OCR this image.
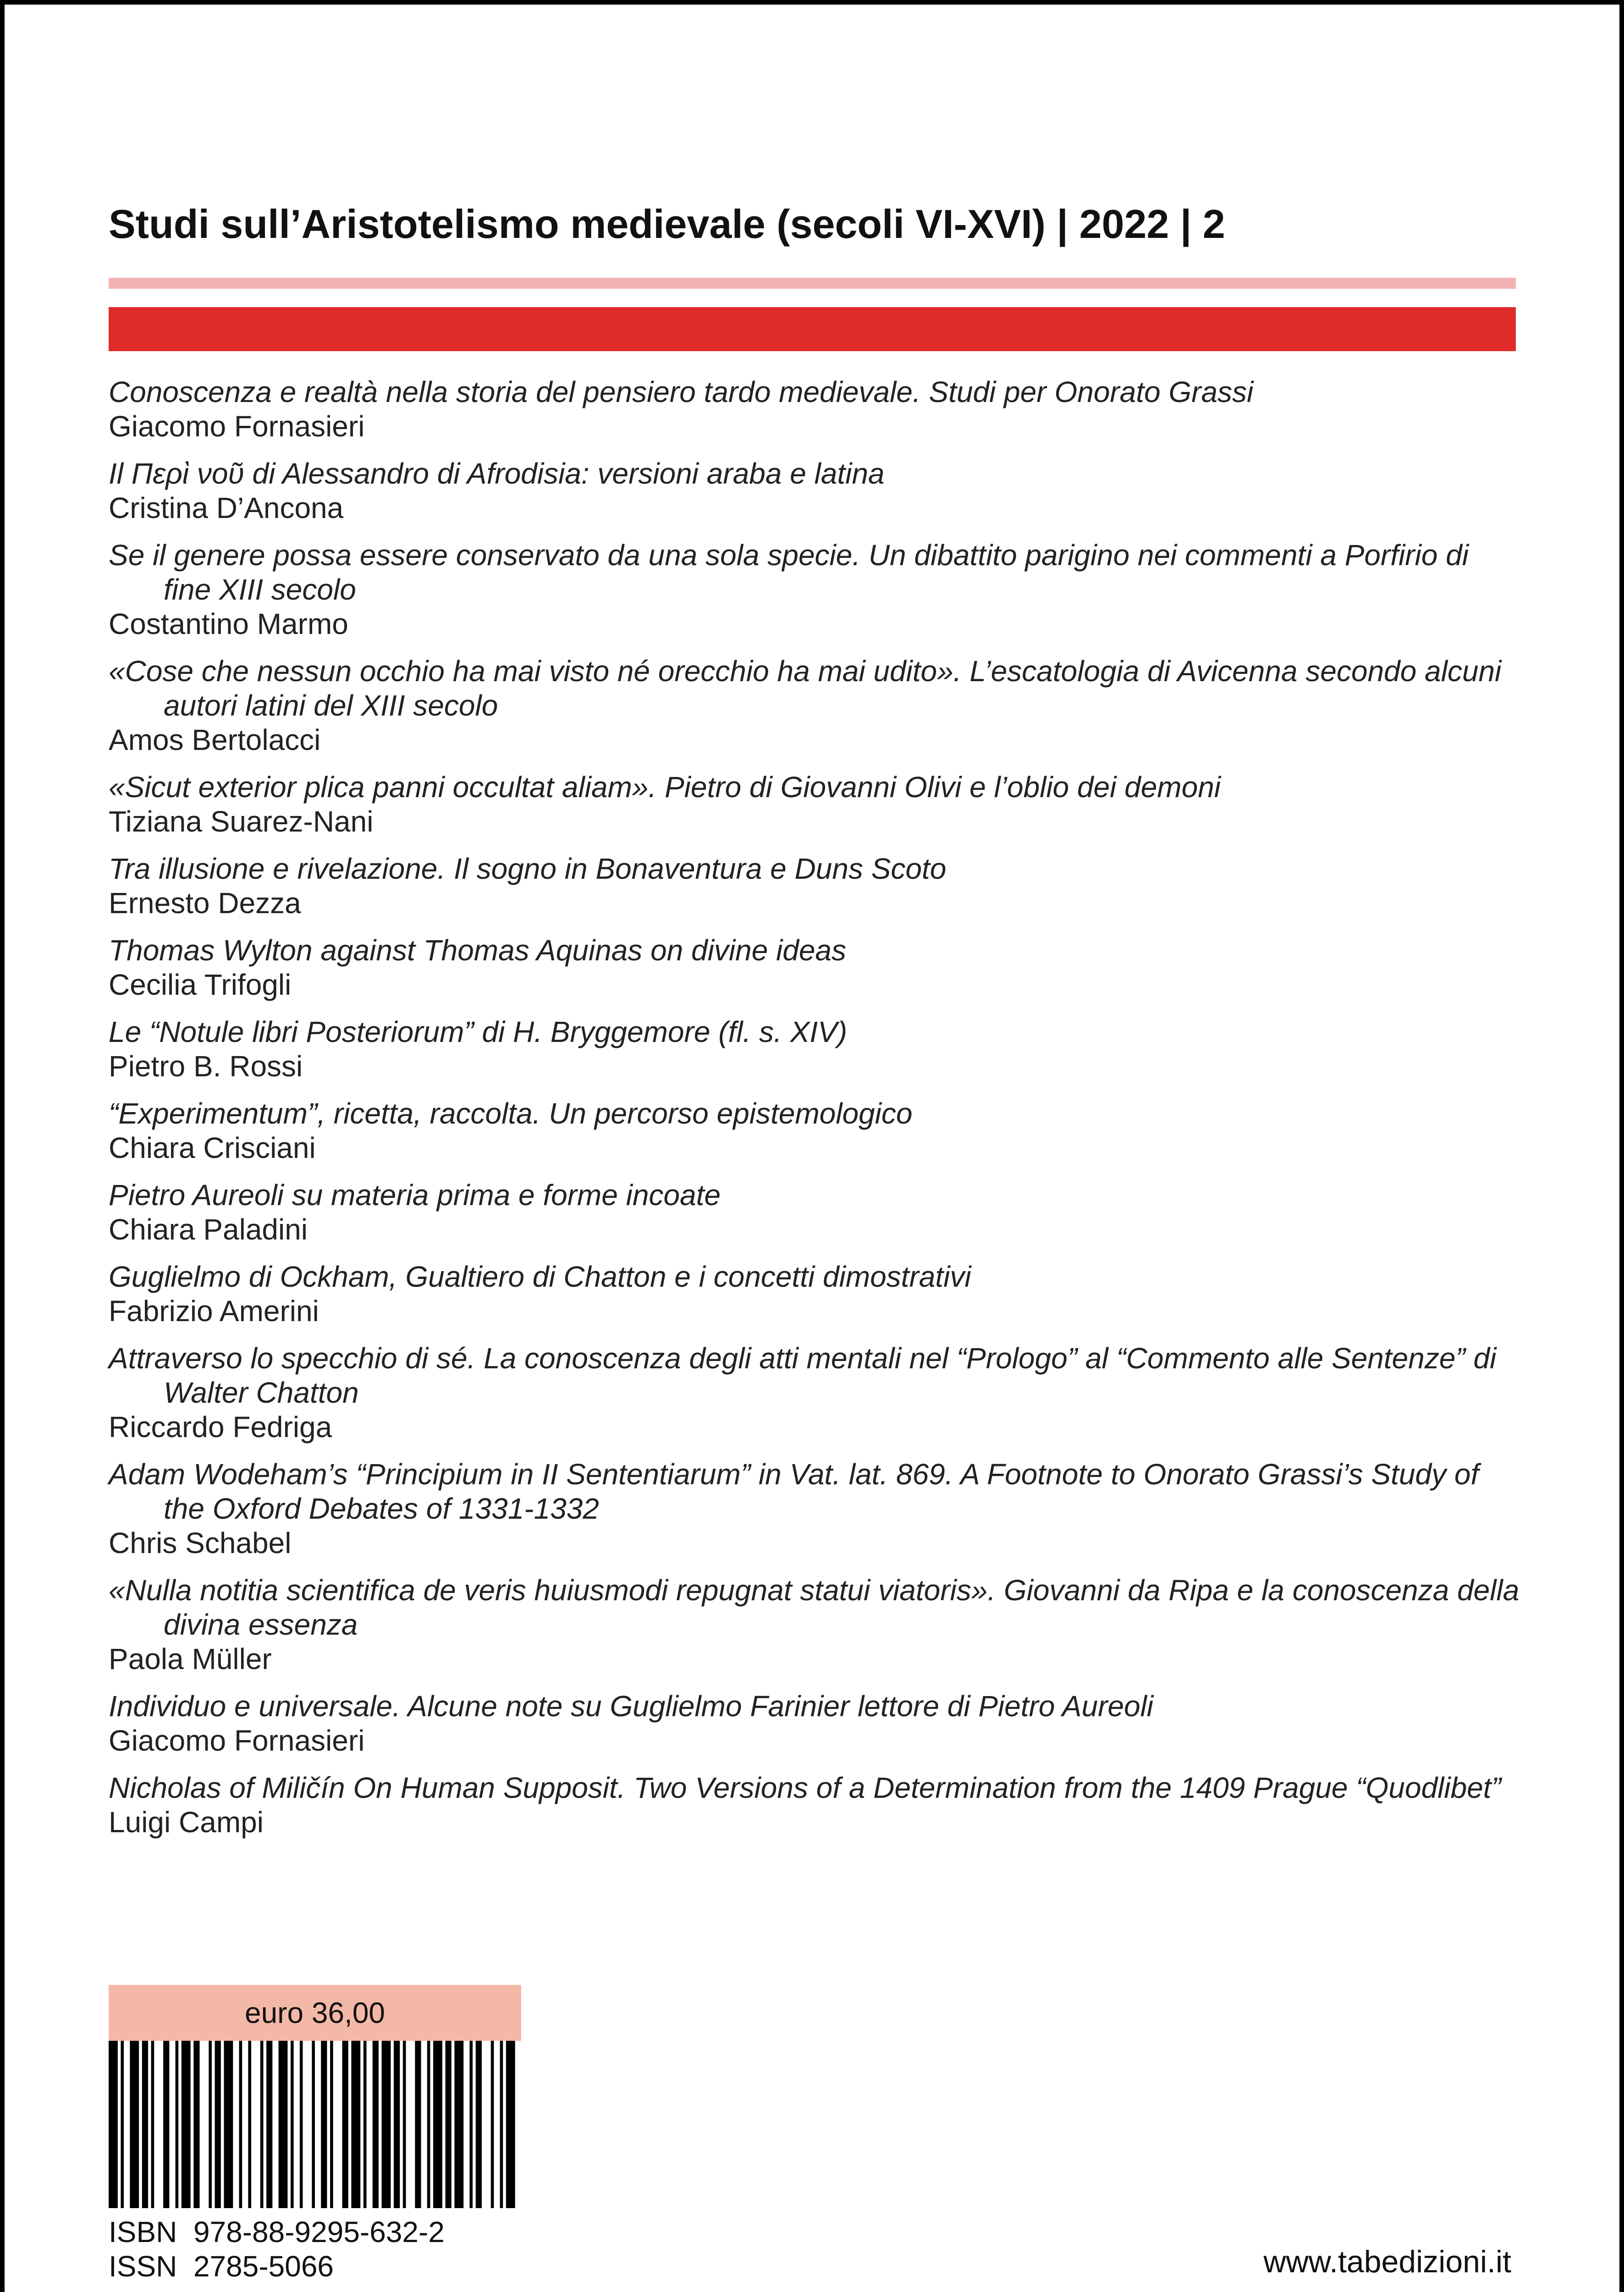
Studi sull’Aristotelismo medievale (secoli VI-XVI) | 2022 | 2
Conoscenza e realtà nella storia del pensiero tardo medievale. Studi per Onorato Grassi
Giacomo Fornasieri
Il Περὶ νοῦ di Alessandro di Afrodisia: versioni araba e latina
Cristina D’Ancona
Se il genere possa essere conservato da una sola specie. Un dibattito parigino nei commenti a Porfirio di fine XIII secolo
Costantino Marmo
«Cose che nessun occhio ha mai visto né orecchio ha mai udito». L’escatologia di Avicenna secondo alcuni autori latini del XIII secolo
Amos Bertolacci
«Sicut exterior plica panni occultat aliam». Pietro di Giovanni Olivi e l’oblio dei demoni
Tiziana Suarez-Nani
Tra illusione e rivelazione. Il sogno in Bonaventura e Duns Scoto
Ernesto Dezza
Thomas Wylton against Thomas Aquinas on divine ideas
Cecilia Trifogli
Le “Notule libri Posteriorum” di H. Bryggemore (fl. s. XIV)
Pietro B. Rossi
“Experimentum”, ricetta, raccolta. Un percorso epistemologico
Chiara Crisciani
Pietro Aureoli su materia prima e forme incoate
Chiara Paladini
Guglielmo di Ockham, Gualtiero di Chatton e i concetti dimostrativi
Fabrizio Amerini
Attraverso lo specchio di sé. La conoscenza degli atti mentali nel “Prologo” al “Commento alle Sentenze” di Walter Chatton
Riccardo Fedriga
Adam Wodeham’s “Principium in II Sententiarum” in Vat. lat. 869. A Footnote to Onorato Grassi’s Study of the Oxford Debates of 1331-1332
Chris Schabel
«Nulla notitia scientifica de veris huiusmodi repugnat statui viatoris». Giovanni da Ripa e la conoscenza della divina essenza
Paola Müller
Individuo e universale. Alcune note su Guglielmo Farinier lettore di Pietro Aureoli
Giacomo Fornasieri
Nicholas of Miličín On Human Supposit. Two Versions of a Determination from the 1409 Prague “Quodlibet”
Luigi Campi
euro 36,00
ISBN  978-88-9295-632-2
ISSN  2785-5066	www.tabedizioni.it
